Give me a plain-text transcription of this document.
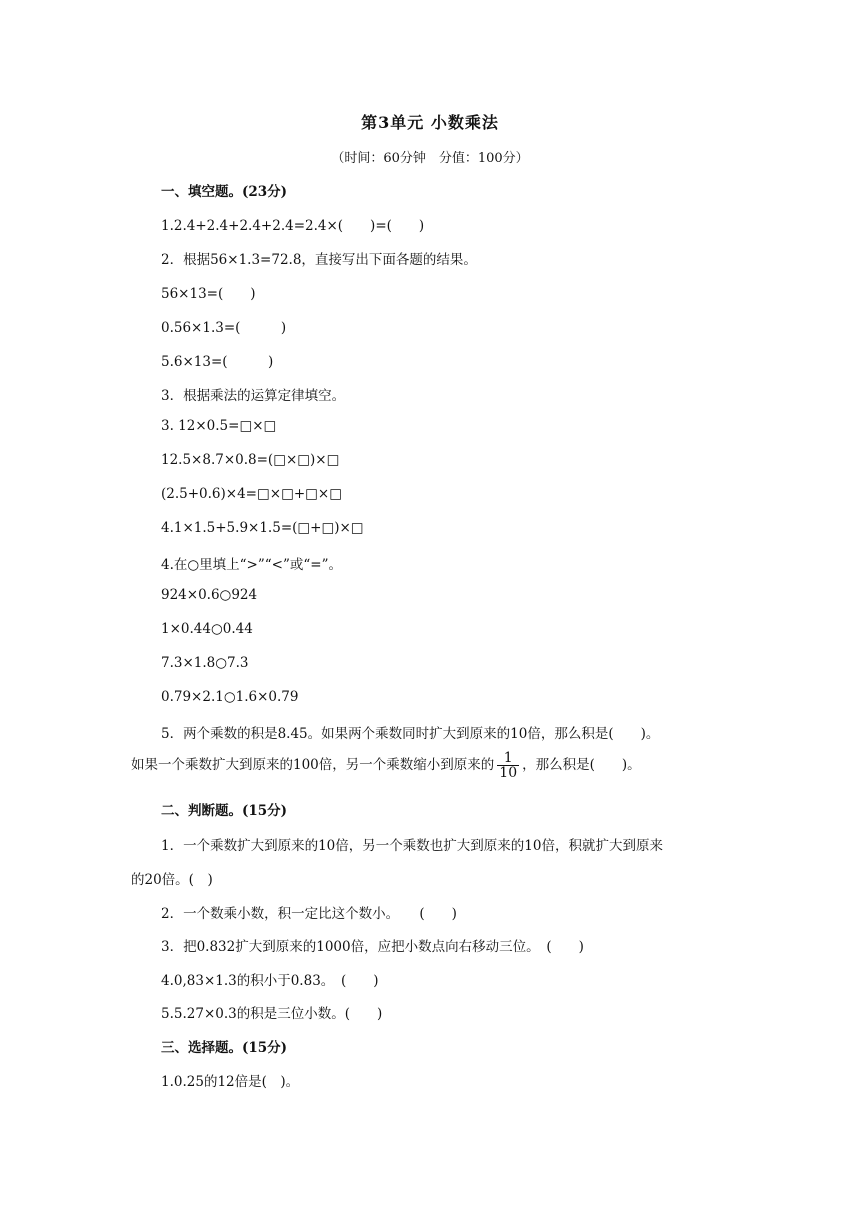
第3单元 小数乘法
（时间：60分钟　分值：100分）
一、填空题。(23分)
1.2.4+2.4+2.4+2.4=2.4×(　　)=(　　)
2．根据56×1.3=72.8，直接写出下面各题的结果。
56×13=(　　)
0.56×1.3=(　　　)
5.6×13=(　　　)
3．根据乘法的运算定律填空。
3. 12×0.5=□×□
12.5×8.7×0.8=(□×□)×□
(2.5+0.6)×4=□×□+□×□
4.1×1.5+5.9×1.5=(□+□)×□
4.在○里填上“>”“<”或“=”。
924×0.6○924
1×0.44○0.44
7.3×1.8○7.3
0.79×2.1○1.6×0.79
5．两个乘数的积是8.45。如果两个乘数同时扩大到原来的10倍，那么积是(　　)。
如果一个乘数扩大到原来的100倍，另一个乘数缩小到原来的 $\frac{1}{10}$ ，那么积是(　　)。
二、判断题。(15分)
1．一个乘数扩大到原来的10倍，另一个乘数也扩大到原来的10倍，积就扩大到原来
的20倍。(　)
2．一个数乘小数，积一定比这个数小。　　(　　)
3．把0.832扩大到原来的1000倍，应把小数点向右移动三位。　(　　)
4.0,83×1.3的积小于0.83。　(　　)
5.5.27×0.3的积是三位小数。(　　)
三、选择题。(15分)
1.0.25的12倍是(　)。
